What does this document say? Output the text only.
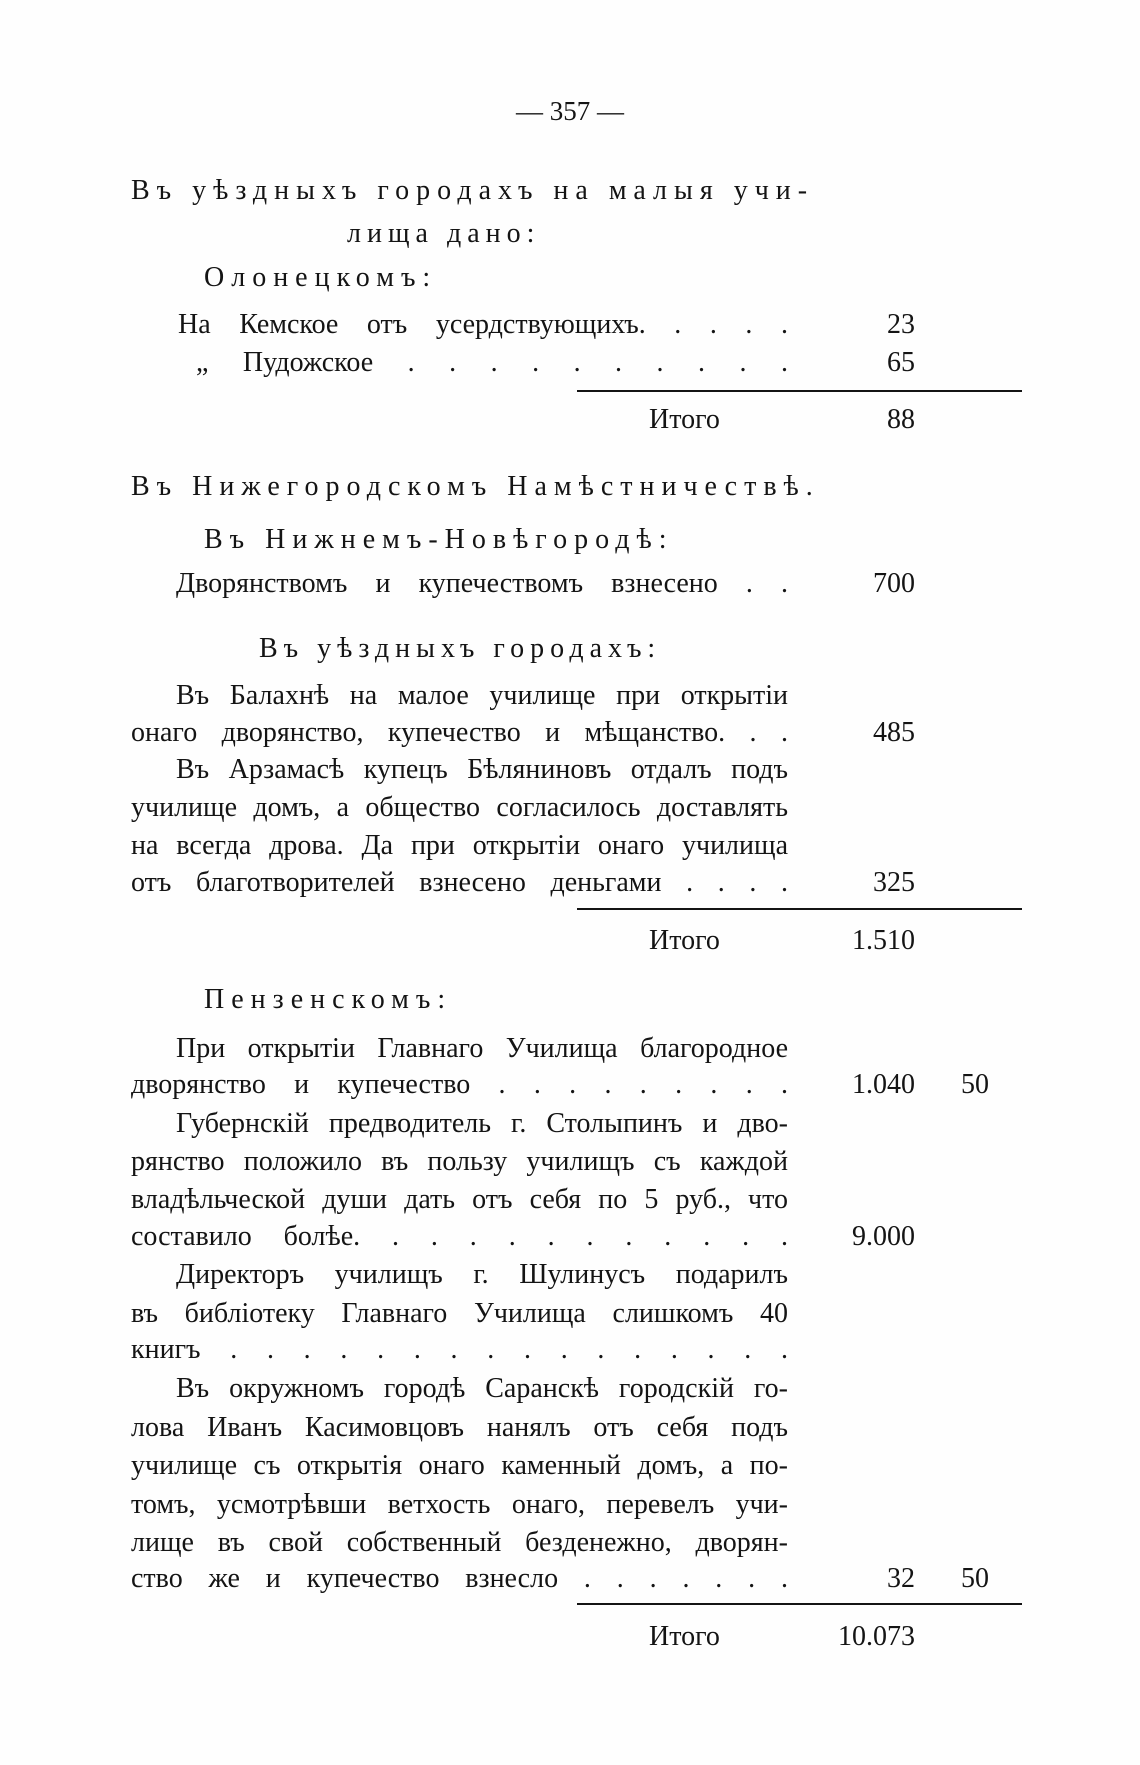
— 357 —
Въ уѣздныхъ городахъ на малыя учи-
лища дано:
Олонецкомъ:
На Кемское отъ усердствующихъ. . . . .	23
„ Пудожское . . . . . . . . . .	65
Итого	88
Въ Нижегородскомъ Намѣстничествѣ.
Въ Нижнемъ-Новѣгородѣ:
Дворянствомъ и купечествомъ взнесено . .	700
Въ уѣздныхъ городахъ:
Въ Балахнѣ на малое училище при открытіи
онаго дворянство, купечество и мѣщанство. . .	485
Въ Арзамасѣ купецъ Бѣляниновъ отдалъ подъ
училище домъ, а общество согласилось доставлять
на всегда дрова. Да при открытіи онаго училища
отъ благотворителей взнесено деньгами . . . .	325
Итого	1.510
Пензенскомъ:
При открытіи Главнаго Училища благородное
дворянство и купечество . . . . . . . . . 1.040 50
Губернскій предводитель г. Столыпинъ и дво-
рянство положило въ пользу училищъ съ каждой
владѣльческой души дать отъ себя по 5 руб., что
составило болѣе. . . . . . . . . . . . 9.000
Директоръ училищъ г. Шулинусъ подарилъ
въ библіотеку Главнаго Училища слишкомъ 40
книгъ . . . . . . . . . . . . . . . .
Въ окружномъ городѣ Саранскѣ городскій го-
лова Иванъ Касимовцовъ нанялъ отъ себя подъ
училище съ открытія онаго каменный домъ, а по-
томъ, усмотрѣвши ветхость онаго, перевелъ учи-
лище въ свой собственный безденежно, дворян-
ство же и купечество взнесло . . . . . . .	32 50
Итого	10.073
